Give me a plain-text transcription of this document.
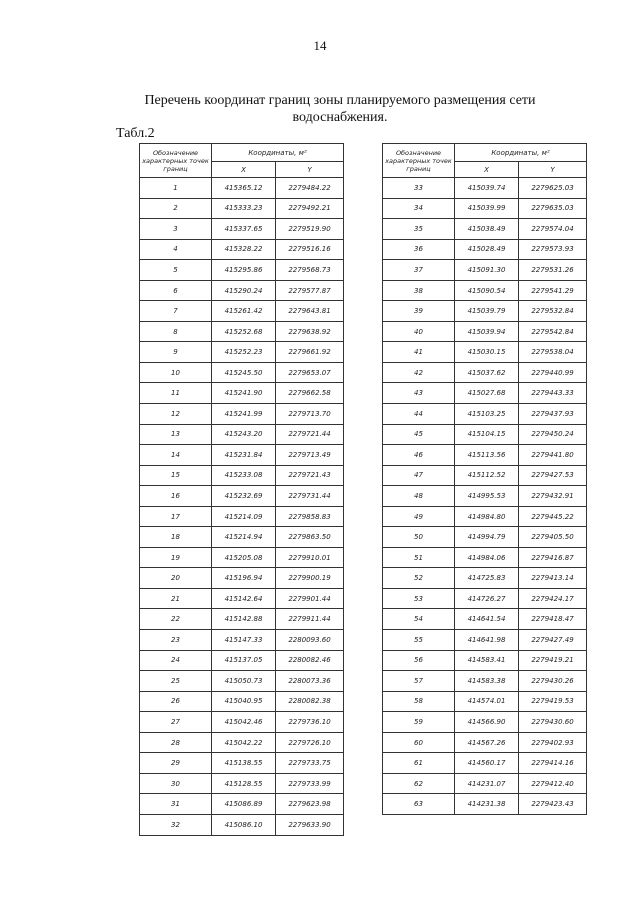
14
Перечень координат границ зоны планируемого размещения сети водоснабжения.
Табл.2
Обозначение характерных точек границ	Координаты, м²	
	X	Y
1	415365.12	2279484.22
2	415333.23	2279492.21
3	415337.65	2279519.90
4	415328.22	2279516.16
5	415295.86	2279568.73
6	415290.24	2279577.87
7	415261.42	2279643.81
8	415252.68	2279638.92
9	415252.23	2279661.92
10	415245.50	2279653.07
11	415241.90	2279662.58
12	415241.99	2279713.70
13	415243.20	2279721.44
14	415231.84	2279713.49
15	415233.08	2279721.43
16	415232.69	2279731.44
17	415214.09	2279858.83
18	415214.94	2279863.50
19	415205.08	2279910.01
20	415196.94	2279900.19
21	415142.64	2279901.44
22	415142.88	2279911.44
23	415147.33	2280093.60
24	415137.05	2280082.46
25	415050.73	2280073.36
26	415040.95	2280082.38
27	415042.46	2279736.10
28	415042.22	2279726.10
29	415138.55	2279733.75
30	415128.55	2279733.99
31	415086.89	2279623.98
32	415086.10	2279633.90
Обозначение характерных точек границ	Координаты, м²	
	X	Y
33	415039.74	2279625.03
34	415039.99	2279635.03
35	415038.49	2279574.04
36	415028.49	2279573.93
37	415091.30	2279531.26
38	415090.54	2279541.29
39	415039.79	2279532.84
40	415039.94	2279542.84
41	415030.15	2279538.04
42	415037.62	2279440.99
43	415027.68	2279443.33
44	415103.25	2279437.93
45	415104.15	2279450.24
46	415113.56	2279441.80
47	415112.52	2279427.53
48	414995.53	2279432.91
49	414984.80	2279445.22
50	414994.79	2279405.50
51	414984.06	2279416.87
52	414725.83	2279413.14
53	414726.27	2279424.17
54	414641.54	2279418.47
55	414641.98	2279427.49
56	414583.41	2279419.21
57	414583.38	2279430.26
58	414574.01	2279419.53
59	414566.90	2279430.60
60	414567.26	2279402.93
61	414560.17	2279414.16
62	414231.07	2279412.40
63	414231.38	2279423.43
